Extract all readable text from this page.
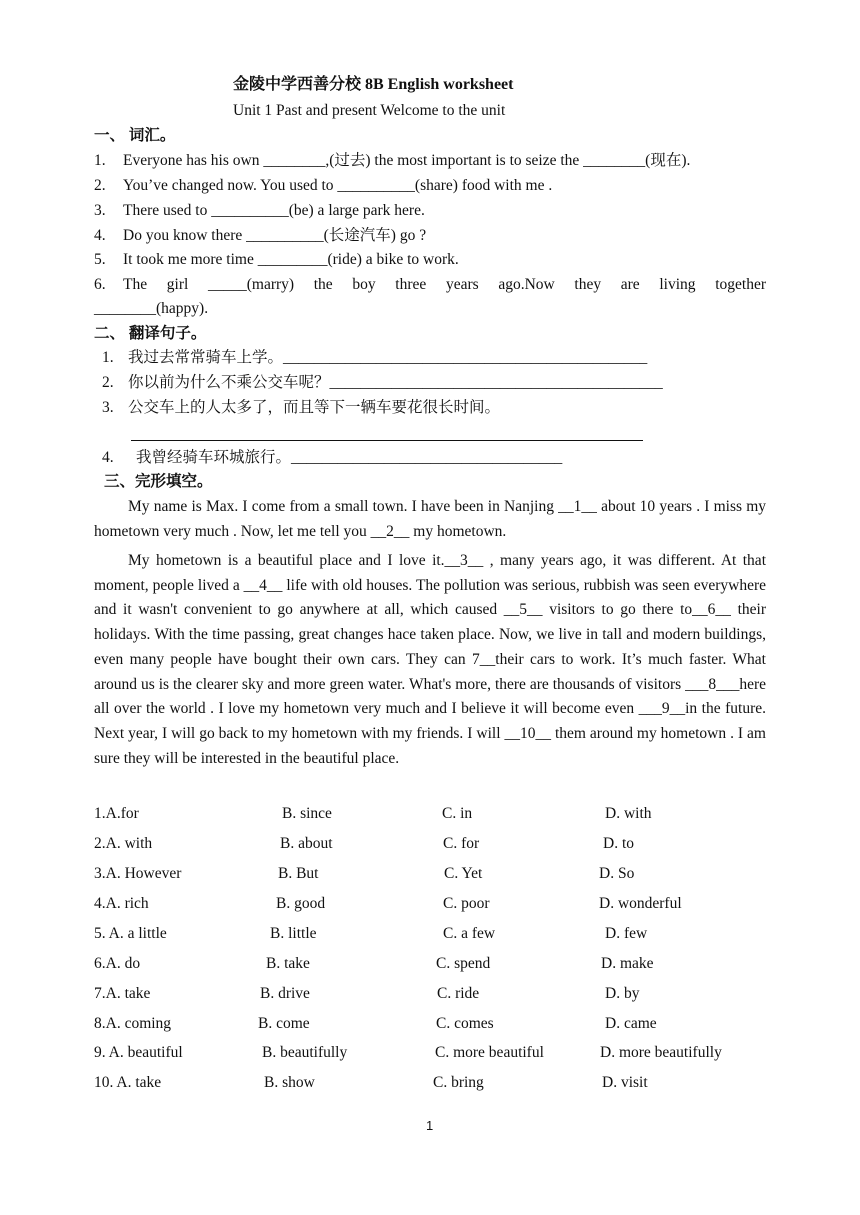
金陵中学西善分校 8B English worksheet
Unit 1 Past and present Welcome to the unit
一、 词汇。
1. Everyone has his own ________,(过去) the most important is to seize the ________(现在).
2. You’ve changed now. You used to __________(share) food with me .
3. There used to __________(be) a large park here.
4. Do you know there __________(长途汽车) go ?
5. It took me more time _________(ride) a bike to work.
6. The girl _____(marry) the boy three years ago.Now they are living together
________(happy).
二、 翻译句子。
1. 我过去常常骑车上学。_______________________________________________
2. 你以前为什么不乘公交车呢？___________________________________________
3. 公交车上的人太多了，而且等下一辆车要花很长时间。
4. 我曾经骑车环城旅行。___________________________________
三、完形填空。
My name is Max. I come from a small town. I have been in Nanjing __1__ about 10 years . I miss my hometown very much . Now, let me tell you __2__ my hometown.
My hometown is a beautiful place and I love it.__3__ , many years ago, it was different. At that moment, people lived a __4__ life with old houses. The pollution was serious, rubbish was seen everywhere and it wasn't convenient to go anywhere at all, which caused __5__ visitors to go there to__6__ their holidays. With the time passing, great changes hace taken place. Now, we live in tall and modern buildings, even many people have bought their own cars. They can 7__their cars to work. It’s much faster. What around us is the clearer sky and more green water. What's more, there are thousands of visitors ___8___here all over the world . I love my hometown very much and I believe it will become even ___9__in the future. Next year, I will go back to my hometown with my friends. I will __10__ them around my hometown . I am sure they will be interested in the beautiful place.
1.A.for	B. since	C. in	D. with
2.A. with	B. about	C. for	D. to
3.A. However	B. But	C. Yet	D. So
4.A. rich	B. good	C. poor	D. wonderful
5. A. a little	B. little	C. a few	D. few
6.A. do	B. take	C. spend	D. make
7.A. take	B. drive	C. ride	D. by
8.A. coming	B. come	C. comes	D. came
9. A. beautiful	B. beautifully	C. more beautiful	D. more beautifully
10. A. take	B. show	C. bring	D. visit
1
